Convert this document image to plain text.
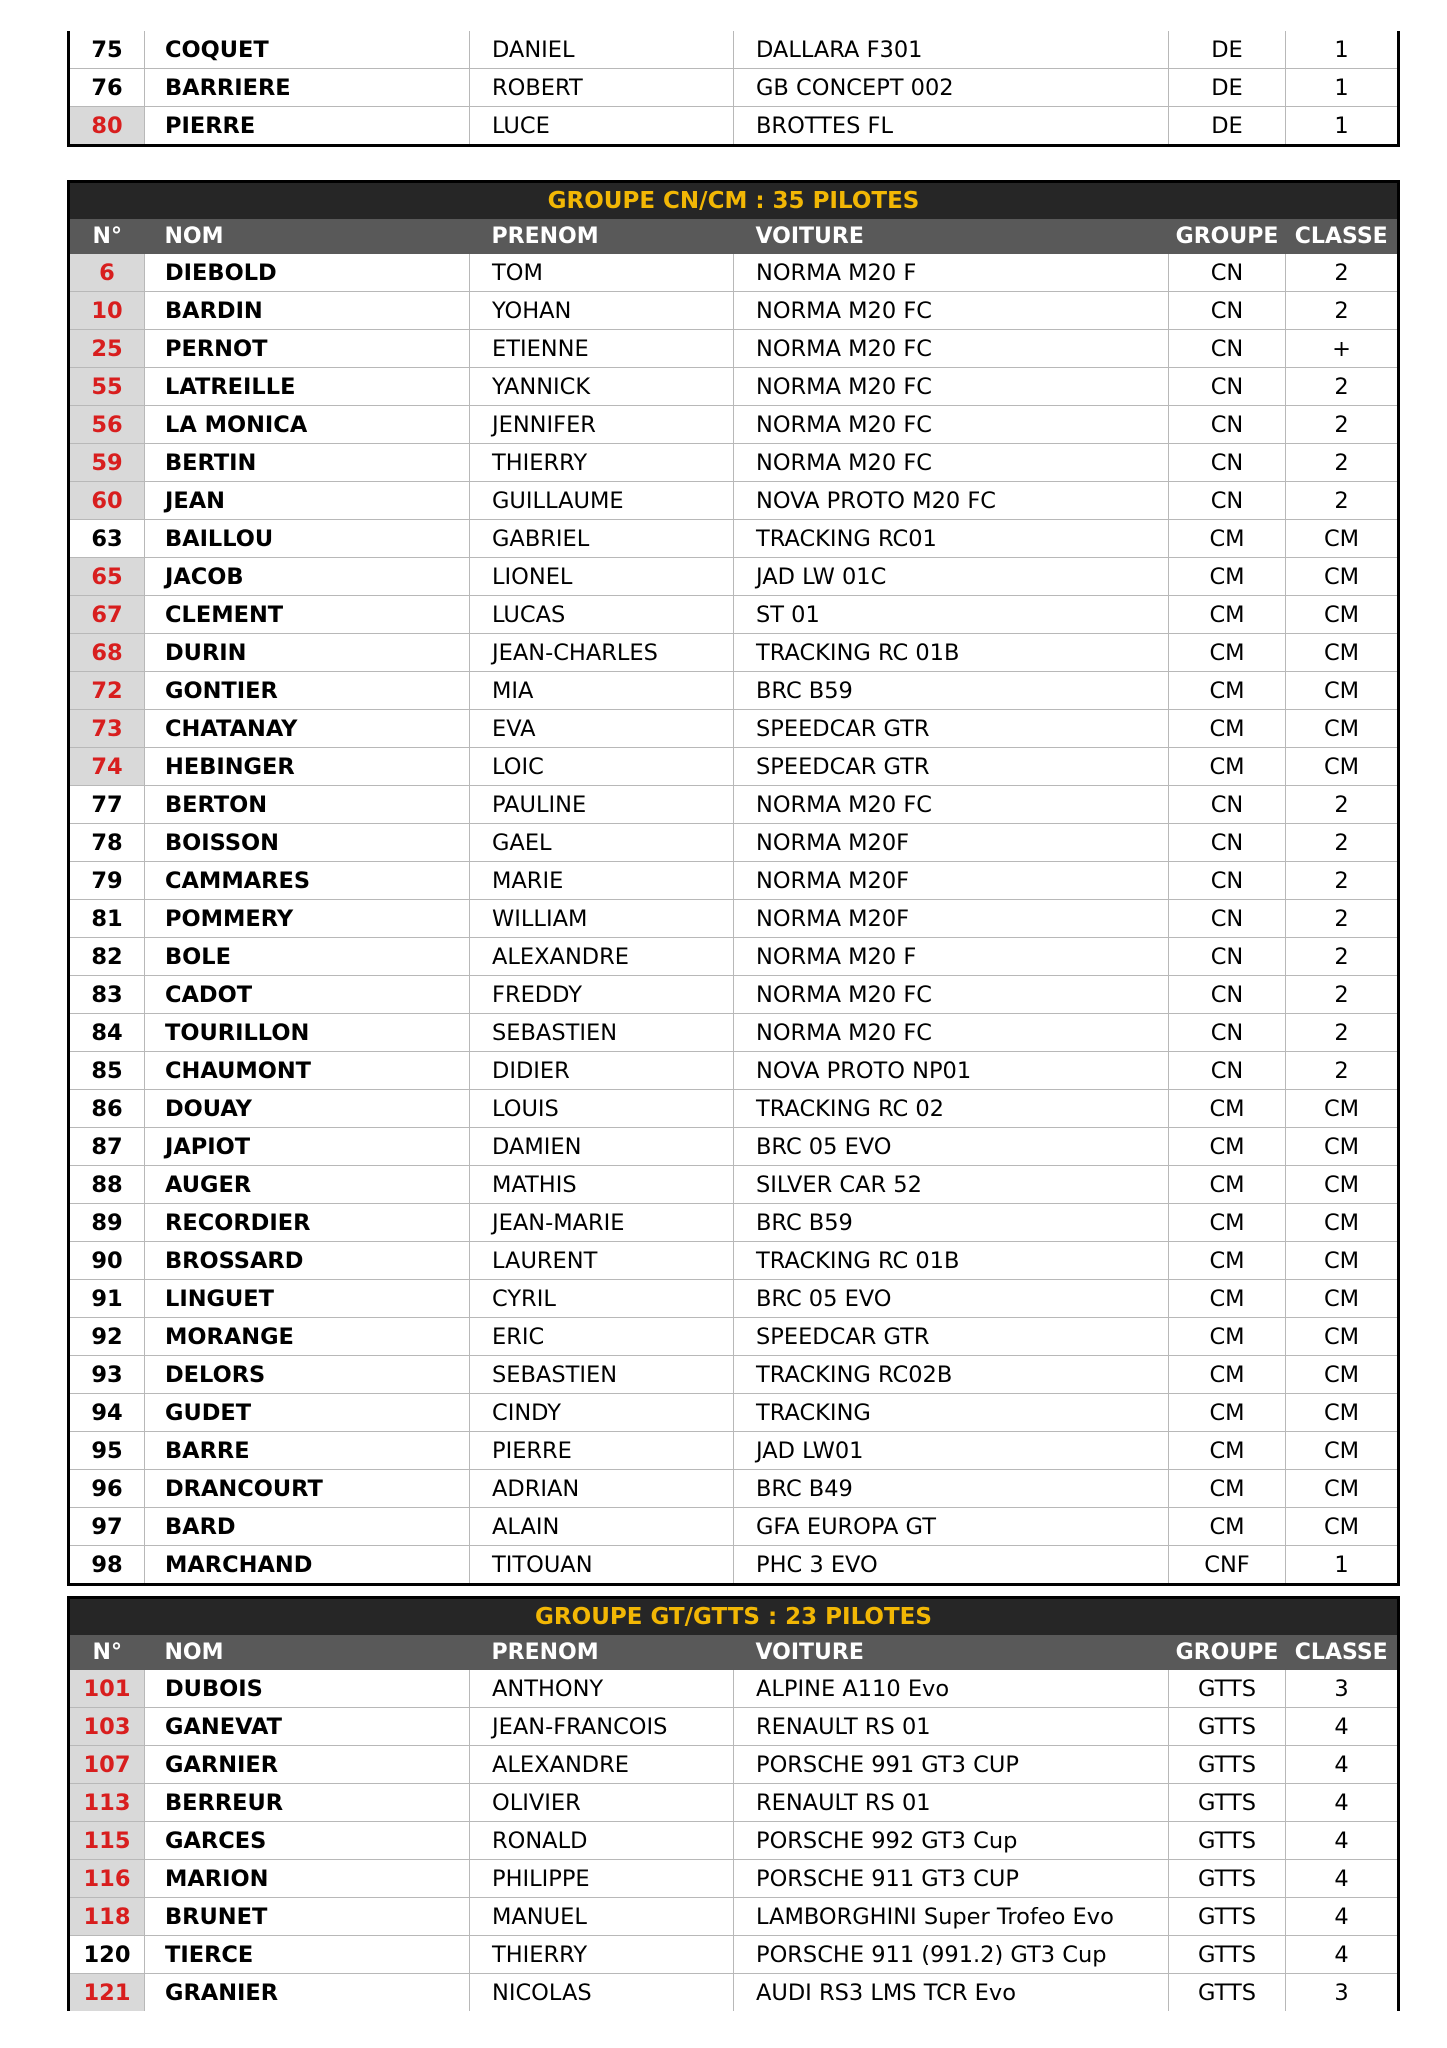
75	COQUET	DANIEL	DALLARA F301	DE	1
76	BARRIERE	ROBERT	GB CONCEPT 002	DE	1
80	PIERRE	LUCE	BROTTES FL	DE	1
GROUPE CN/CM : 35 PILOTES					
N°	NOM	PRENOM	VOITURE	GROUPE	CLASSE
6	DIEBOLD	TOM	NORMA M20 F	CN	2
10	BARDIN	YOHAN	NORMA M20 FC	CN	2
25	PERNOT	ETIENNE	NORMA M20 FC	CN	+
55	LATREILLE	YANNICK	NORMA M20 FC	CN	2
56	LA MONICA	JENNIFER	NORMA M20 FC	CN	2
59	BERTIN	THIERRY	NORMA M20 FC	CN	2
60	JEAN	GUILLAUME	NOVA PROTO M20 FC	CN	2
63	BAILLOU	GABRIEL	TRACKING RC01	CM	CM
65	JACOB	LIONEL	JAD LW 01C	CM	CM
67	CLEMENT	LUCAS	ST 01	CM	CM
68	DURIN	JEAN-CHARLES	TRACKING RC 01B	CM	CM
72	GONTIER	MIA	BRC B59	CM	CM
73	CHATANAY	EVA	SPEEDCAR GTR	CM	CM
74	HEBINGER	LOIC	SPEEDCAR GTR	CM	CM
77	BERTON	PAULINE	NORMA M20 FC	CN	2
78	BOISSON	GAEL	NORMA M20F	CN	2
79	CAMMARES	MARIE	NORMA M20F	CN	2
81	POMMERY	WILLIAM	NORMA M20F	CN	2
82	BOLE	ALEXANDRE	NORMA M20 F	CN	2
83	CADOT	FREDDY	NORMA M20 FC	CN	2
84	TOURILLON	SEBASTIEN	NORMA M20 FC	CN	2
85	CHAUMONT	DIDIER	NOVA PROTO NP01	CN	2
86	DOUAY	LOUIS	TRACKING RC 02	CM	CM
87	JAPIOT	DAMIEN	BRC 05 EVO	CM	CM
88	AUGER	MATHIS	SILVER CAR 52	CM	CM
89	RECORDIER	JEAN-MARIE	BRC B59	CM	CM
90	BROSSARD	LAURENT	TRACKING RC 01B	CM	CM
91	LINGUET	CYRIL	BRC 05 EVO	CM	CM
92	MORANGE	ERIC	SPEEDCAR GTR	CM	CM
93	DELORS	SEBASTIEN	TRACKING RC02B	CM	CM
94	GUDET	CINDY	TRACKING	CM	CM
95	BARRE	PIERRE	JAD LW01	CM	CM
96	DRANCOURT	ADRIAN	BRC B49	CM	CM
97	BARD	ALAIN	GFA EUROPA GT	CM	CM
98	MARCHAND	TITOUAN	PHC 3 EVO	CNF	1
GROUPE GT/GTTS : 23 PILOTES					
N°	NOM	PRENOM	VOITURE	GROUPE	CLASSE
101	DUBOIS	ANTHONY	ALPINE A110 Evo	GTTS	3
103	GANEVAT	JEAN-FRANCOIS	RENAULT RS 01	GTTS	4
107	GARNIER	ALEXANDRE	PORSCHE 991 GT3 CUP	GTTS	4
113	BERREUR	OLIVIER	RENAULT RS 01	GTTS	4
115	GARCES	RONALD	PORSCHE 992 GT3 Cup	GTTS	4
116	MARION	PHILIPPE	PORSCHE 911 GT3 CUP	GTTS	4
118	BRUNET	MANUEL	LAMBORGHINI Super Trofeo Evo	GTTS	4
120	TIERCE	THIERRY	PORSCHE 911 (991.2) GT3 Cup	GTTS	4
121	GRANIER	NICOLAS	AUDI RS3 LMS TCR Evo	GTTS	3
